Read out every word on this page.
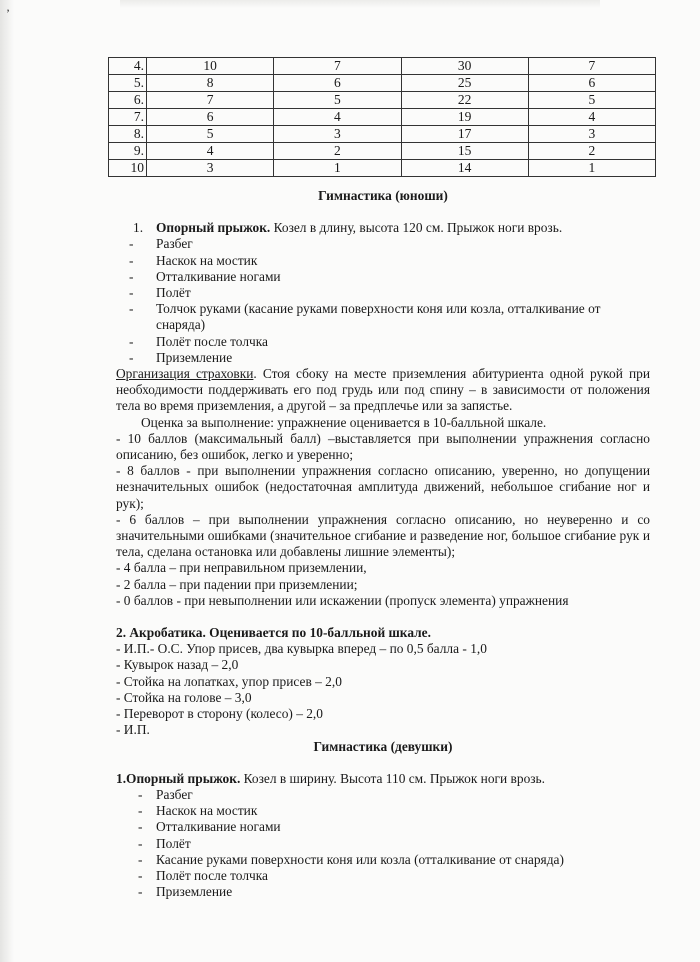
’
4.	10	7	30	7
5.	8	6	25	6
6.	7	5	22	5
7.	6	4	19	4
8.	5	3	17	3
9.	4	2	15	2
10	3	1	14	1
Гимнастика (юноши)
1. Опорный прыжок. Козел в длину, высота 120 см. Прыжок ноги врозь.
- Разбег
- Наскок на мостик
- Отталкивание ногами
- Полёт
- Толчок руками (касание руками поверхности коня или козла, отталкивание от снаряда)
- Полёт после толчка
- Приземление
Организация страховки. Стоя сбоку на месте приземления абитуриента одной рукой при необходимости поддерживать его под грудь или под спину – в зависимости от положения тела во время приземления, а другой – за предплечье или за запястье.
Оценка за выполнение: упражнение оценивается в 10-балльной шкале.
- 10 баллов (максимальный балл) –выставляется при выполнении упражнения согласно описанию, без ошибок, легко и уверенно;
- 8 баллов - при выполнении упражнения согласно описанию, уверенно, но допущении незначительных ошибок (недостаточная амплитуда движений, небольшое сгибание ног и рук);
- 6 баллов – при выполнении упражнения согласно описанию, но неуверенно и со значительными ошибками (значительное сгибание и разведение ног, большое сгибание рук и тела, сделана остановка или добавлены лишние элементы);
- 4 балла – при неправильном приземлении,
- 2 балла – при падении при приземлении;
- 0 баллов - при невыполнении или искажении (пропуск элемента) упражнения
2. Акробатика. Оценивается по 10-балльной шкале.
- И.П.- О.С. Упор присев, два кувырка вперед – по 0,5 балла - 1,0
- Кувырок назад – 2,0
- Стойка на лопатках, упор присев – 2,0
- Стойка на голове – 3,0
- Переворот в сторону (колесо) – 2,0
- И.П.
Гимнастика (девушки)
1.Опорный прыжок. Козел в ширину. Высота 110 см. Прыжок ноги врозь.
- Разбег
- Наскок на мостик
- Отталкивание ногами
- Полёт
- Касание руками поверхности коня или козла (отталкивание от снаряда)
- Полёт после толчка
- Приземление
